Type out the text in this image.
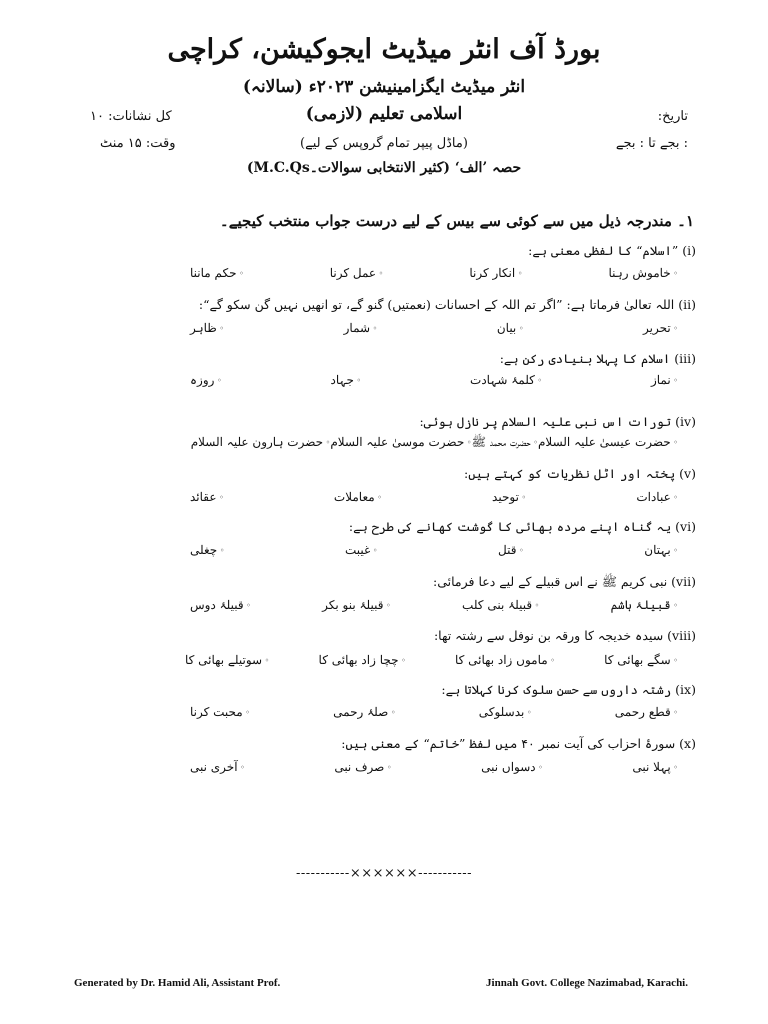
بورڈ آف انٹر میڈیٹ ایجوکیشن، کراچی
انٹر میڈیٹ ایگزامینیشن ۲۰۲۳ء (سالانہ)
اسلامی تعلیم (لازمی)	تاریخ:
کل نشانات: ۱۰
: بجے تا : بجے
(ماڈل پیپر تمام گروپس کے لیے)
وقت: ۱۵ منٹ
حصہ ’الف‘ (کثیر الانتخابی سوالات۔M.C.Qs)
۱۔ مندرجہ ذیل میں سے کوئی سے بیس کے لیے درست جواب منتخب کیجیے۔
(i) ”اسلام“ کا لفظی معنی ہے:
◦ خاموش رہنا
◦ انکار کرنا
◦ عمل کرنا
◦ حکم ماننا
(ii) اللہ تعالیٰ فرماتا ہے: ”اگر تم اللہ کے احسانات (نعمتیں) گنو گے، تو انھیں نہیں گن سکو گے“:
◦ تحریر
◦ بیان
◦ شمار
◦ ظاہر
(iii) اسلام کا پہلا بنیادی رکن ہے:
◦ نماز
◦ کلمۂ شہادت
◦ جہاد
◦ روزہ
(iv) تورات اس نبی علیہ السلام پر نازل ہوئی:
◦ حضرت عیسیٰ علیہ السلام
◦ حضرت محمد ﷺ
◦ حضرت موسیٰ علیہ السلام
◦ حضرت ہارون علیہ السلام
(v) پختہ اور اٹل نظریات کو کہتے ہیں:
◦ عبادات
◦ توحید
◦ معاملات
◦ عقائد
(vi) یہ گناہ اپنے مردہ بھائی کا گوشت کھانے کی طرح ہے:
◦ بہتان
◦ قتل
◦ غیبت
◦ چغلی
(vii) نبی کریم ﷺ نے اس قبیلے کے لیے دعا فرمائی:
◦ قبیلۂ ہاشم
◦ قبیلۂ بنی کلب
◦ قبیلۂ بنو بکر
◦ قبیلۂ دوس
(viii) سیدہ خدیجہ کا ورقہ بن نوفل سے رشتہ تھا:
◦ سگے بھائی کا
◦ ماموں زاد بھائی کا
◦ چچا زاد بھائی کا
◦ سوتیلے بھائی کا
(ix) رشتہ داروں سے حسنِ سلوک کرنا کہلاتا ہے:
◦ قطع رحمی
◦ بدسلوکی
◦ صلۂ رحمی
◦ محبت کرنا
(x) سورۂ احزاب کی آیت نمبر ۴۰ میں لفظ ”خاتم“ کے معنی ہیں:
◦ پہلا نبی
◦ دسواں نبی
◦ صرف نبی
◦ آخری نبی
-----------××××××-----------
Generated by Dr. Hamid Ali, Assistant Prof.	Jinnah Govt. College Nazimabad, Karachi.
